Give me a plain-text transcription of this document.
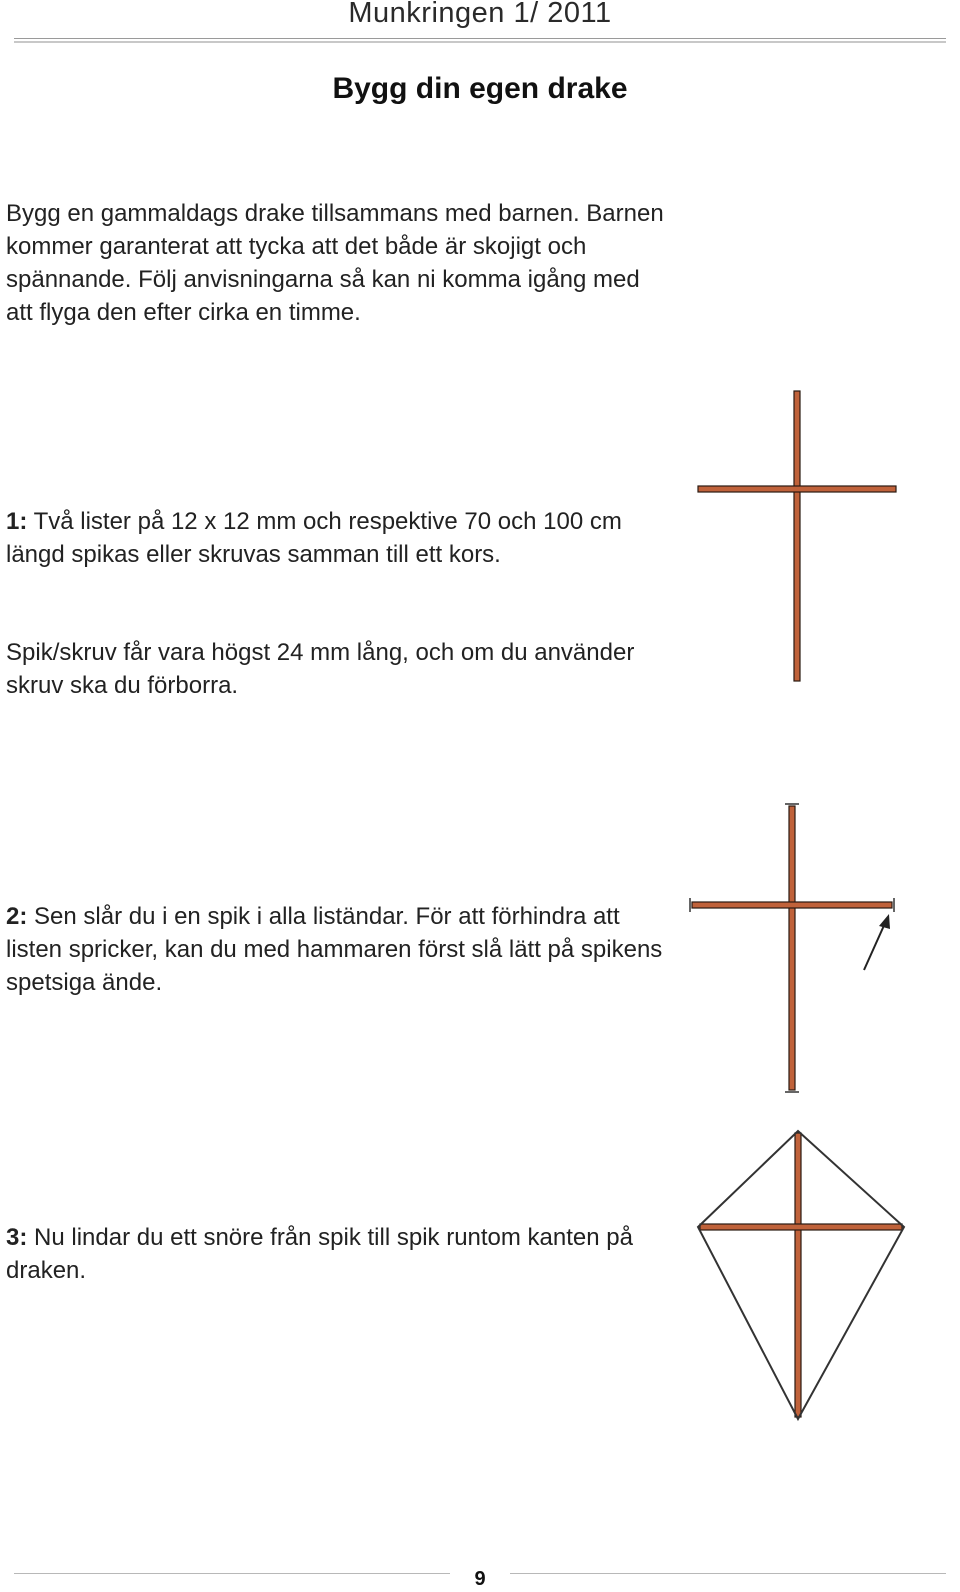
Munkringen 1/ 2011
Bygg din egen drake

Bygg en gammaldags drake tillsammans med barnen. Barnen kommer garanterat att tycka att det både är skojigt och spännande. Följ anvisningarna så kan ni komma igång med att flyga den efter cirka en timme.

1: Två lister på 12 x 12 mm och respektive 70 och 100 cm längd spikas eller skruvas samman till ett kors.

Spik/skruv får vara högst 24 mm lång, och om du använder skruv ska du förborra.

2: Sen slår du i en spik i alla liständar. För att förhindra att listen spricker, kan du med hammaren först slå lätt på spikens spetsiga ände.

3: Nu lindar du ett snöre från spik till spik runtom kanten på draken.

9
